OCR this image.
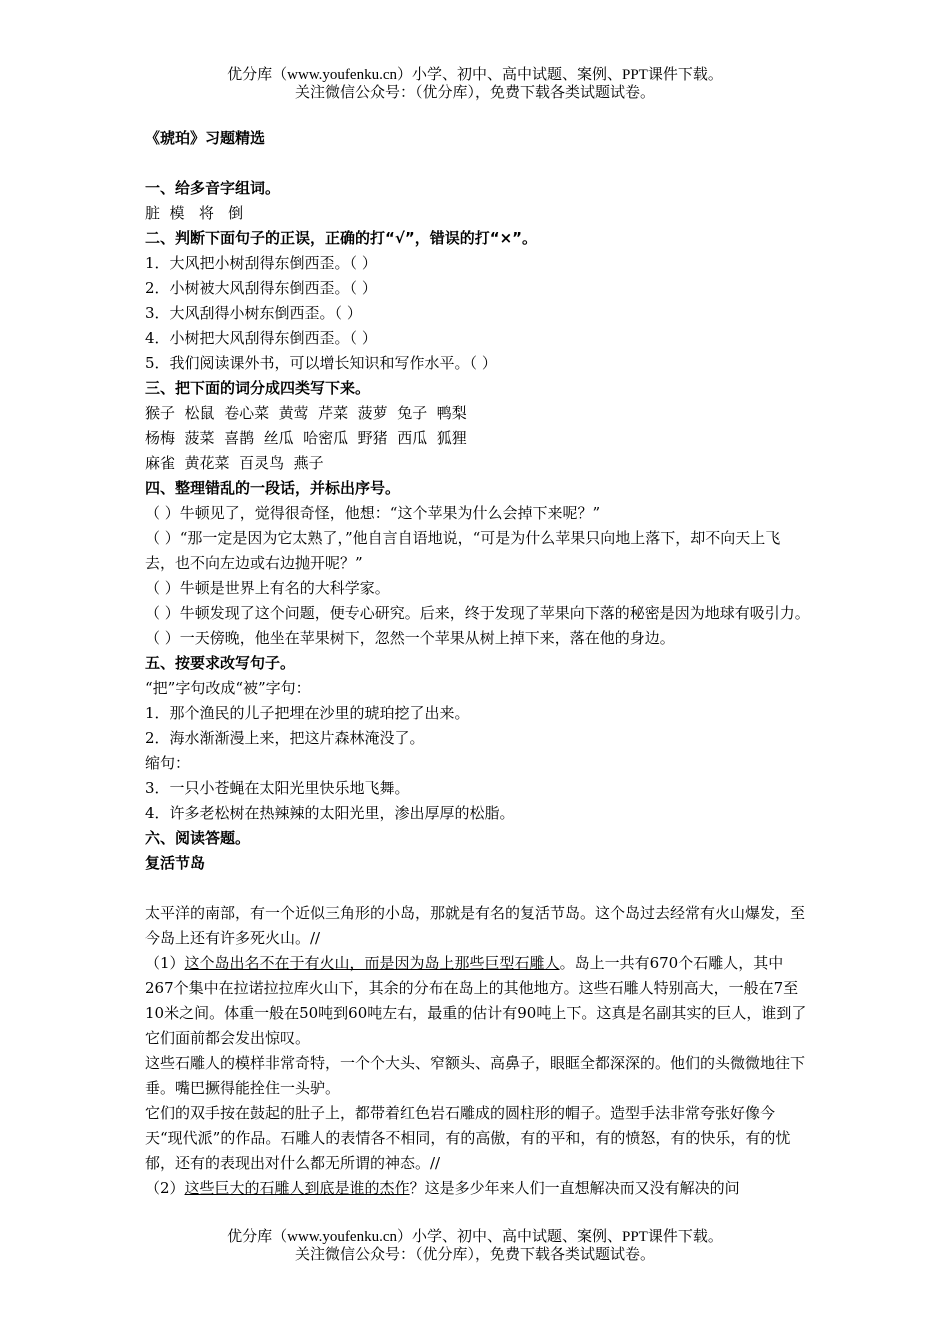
优分库（www.youfenku.cn）小学、初中、高中试题、案例、PPT课件下载。
关注微信公众号：（优分库），免费下载各类试题试卷。

《琥珀》习题精选

一、给多音字组词。

脏  模   将   倒

二、判断下面句子的正误，正确的打“√”，错误的打“×”。

1．大风把小树刮得东倒西歪。（ ）

2．小树被大风刮得东倒西歪。（ ）

3．大风刮得小树东倒西歪。（ ）

4．小树把大风刮得东倒西歪。（ ）

5．我们阅读课外书，可以增长知识和写作水平。（ ）

三、把下面的词分成四类写下来。

猴子  松鼠  卷心菜  黄莺  芹菜  菠萝  兔子  鸭梨

杨梅  菠菜  喜鹊  丝瓜  哈密瓜  野猪  西瓜  狐狸

麻雀  黄花菜  百灵鸟  燕子

四、整理错乱的一段话，并标出序号。

（ ）牛顿见了，觉得很奇怪，他想：“这个苹果为什么会掉下来呢？”

（ ）“那一定是因为它太熟了，”他自言自语地说，“可是为什么苹果只向地上落下，却不向天上飞去，也不向左边或右边抛开呢？”

（ ）牛顿是世界上有名的大科学家。

（ ）牛顿发现了这个问题，便专心研究。后来，终于发现了苹果向下落的秘密是因为地球有吸引力。

（ ）一天傍晚，他坐在苹果树下，忽然一个苹果从树上掉下来，落在他的身边。

五、按要求改写句子。

“把”字句改成“被”字句：

1．那个渔民的儿子把埋在沙里的琥珀挖了出来。

2．海水渐渐漫上来，把这片森林淹没了。

缩句：

3．一只小苍蝇在太阳光里快乐地飞舞。

4．许多老松树在热辣辣的太阳光里，渗出厚厚的松脂。

六、阅读答题。

复活节岛

太平洋的南部，有一个近似三角形的小岛，那就是有名的复活节岛。这个岛过去经常有火山爆发，至今岛上还有许多死火山。//

（1）这个岛出名不在于有火山，而是因为岛上那些巨型石雕人。岛上一共有670个石雕人，其中267个集中在拉诺拉拉库火山下，其余的分布在岛上的其他地方。这些石雕人特别高大，一般在7至10米之间。体重一般在50吨到60吨左右，最重的估计有90吨上下。这真是名副其实的巨人，谁到了它们面前都会发出惊叹。

这些石雕人的模样非常奇特，一个个大头、窄额头、高鼻子，眼眶全都深深的。他们的头微微地往下垂。嘴巴撅得能拴住一头驴。

它们的双手按在鼓起的肚子上，都带着红色岩石雕成的圆柱形的帽子。造型手法非常夸张好像今天“现代派”的作品。石雕人的表情各不相同，有的高傲，有的平和，有的愤怒，有的快乐，有的忧郁，还有的表现出对什么都无所谓的神态。//

（2）这些巨大的石雕人到底是谁的杰作？这是多少年来人们一直想解决而又没有解决的问

优分库（www.youfenku.cn）小学、初中、高中试题、案例、PPT课件下载。
关注微信公众号：（优分库），免费下载各类试题试卷。
